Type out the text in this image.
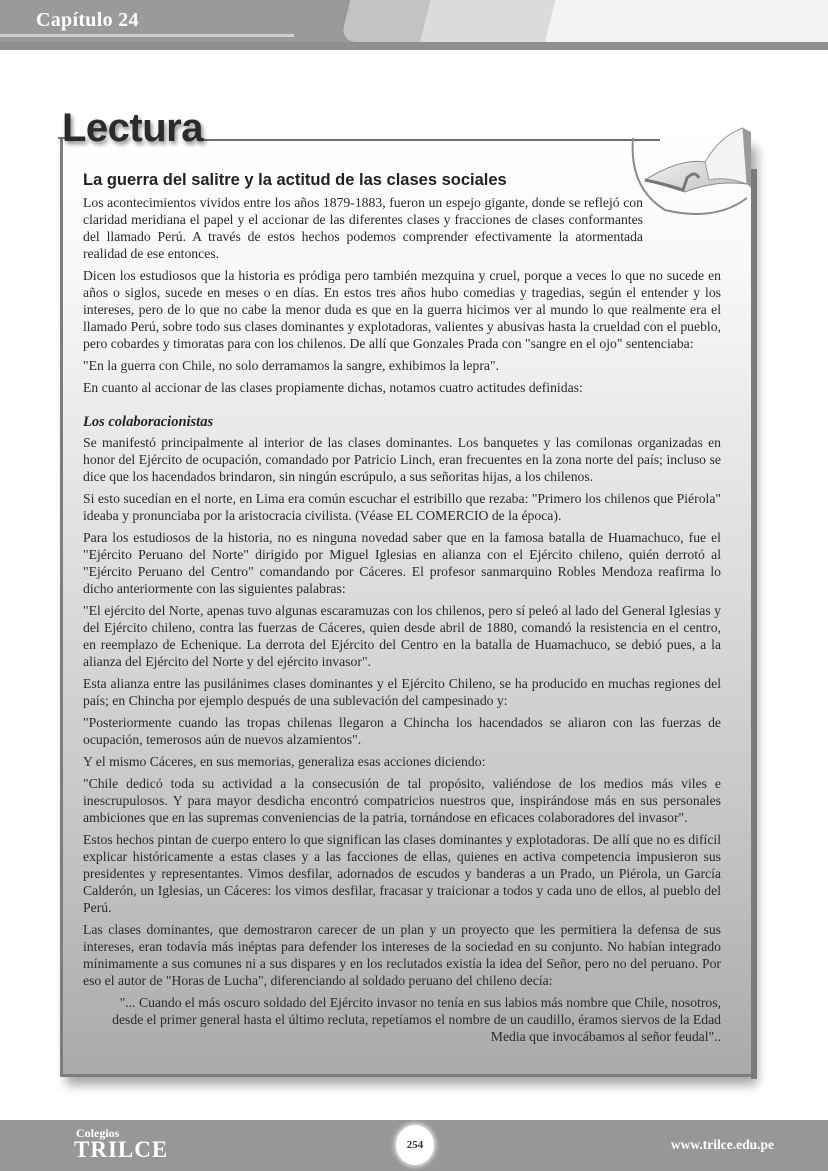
Capítulo 24
Lectura
La guerra del salitre y la actitud de las clases sociales

Los acontecimientos vividos entre los años 1879-1883, fueron un espejo gigante, donde se reflejó con claridad meridiana el papel y el accionar de las diferentes clases y fracciones de clases conformantes del llamado Perú. A través de estos hechos podemos comprender efectivamente la atormentada realidad de ese entonces.

Dicen los estudiosos que la historia es pródiga pero también mezquina y cruel, porque a veces lo que no sucede en años o siglos, sucede en meses o en días. En estos tres años hubo comedias y tragedias, según el entender y los intereses, pero de lo que no cabe la menor duda es que en la guerra hicimos ver al mundo lo que realmente era el llamado Perú, sobre todo sus clases dominantes y explotadoras, valientes y abusivas hasta la crueldad con el pueblo, pero cobardes y timoratas para con los chilenos. De allí que Gonzales Prada con "sangre en el ojo" sentenciaba:

"En la guerra con Chile, no solo derramamos la sangre, exhibimos la lepra".

En cuanto al accionar de las clases propiamente dichas, notamos cuatro actitudes definidas:

Los colaboracionistas

Se manifestó principalmente al interior de las clases dominantes. Los banquetes y las comilonas organizadas en honor del Ejército de ocupación, comandado por Patricio Linch, eran frecuentes en la zona norte del país; incluso se dice que los hacendados brindaron, sin ningún escrúpulo, a sus señoritas hijas, a los chilenos.

Si esto sucedían en el norte, en Lima era común escuchar el estribillo que rezaba: "Primero los chilenos que Piérola" ideaba y pronunciaba por la aristocracia civilista. (Véase EL COMERCIO de la época).

Para los estudiosos de la historia, no es ninguna novedad saber que en la famosa batalla de Huamachuco, fue el "Ejército Peruano del Norte" dirigido por Miguel Iglesias en alianza con el Ejército chileno, quién derrotó al "Ejército Peruano del Centro" comandando por Cáceres. El profesor sanmarquino Robles Mendoza reafirma lo dicho anteriormente con las siguientes palabras:

"El ejército del Norte, apenas tuvo algunas escaramuzas con los chilenos, pero sí peleó al lado del General Iglesias y del Ejército chileno, contra las fuerzas de Cáceres, quien desde abril de 1880, comandó la resistencia en el centro, en reemplazo de Echenique. La derrota del Ejército del Centro en la batalla de Huamachuco, se debió pues, a la alianza del Ejército del Norte y del ejército invasor".

Esta alianza entre las pusilánimes clases dominantes y el Ejército Chileno, se ha producido en muchas regiones del país; en Chincha por ejemplo después de una sublevación del campesinado y:

"Posteriormente cuando las tropas chilenas llegaron a Chincha los hacendados se aliaron con las fuerzas de ocupación, temerosos aún de nuevos alzamientos".

Y el mismo Cáceres, en sus memorias, generaliza esas acciones diciendo:

"Chile dedicó toda su actividad a la consecusión de tal propósito, valiéndose de los medios más viles e inescrupulosos. Y para mayor desdicha encontró compatricios nuestros que, inspirándose más en sus personales ambiciones que en las supremas conveniencias de la patria, tornándose en eficaces colaboradores del invasor".

Estos hechos pintan de cuerpo entero lo que significan las clases dominantes y explotadoras. De allí que no es difícil explicar históricamente a estas clases y a las facciones de ellas, quienes en activa competencia impusieron sus presidentes y representantes. Vimos desfilar, adornados de escudos y banderas a un Prado, un Piérola, un García Calderón, un Iglesias, un Cáceres: los vimos desfilar, fracasar y traicionar a todos y cada uno de ellos, al pueblo del Perú.

Las clases dominantes, que demostraron carecer de un plan y un proyecto que les permitiera la defensa de sus intereses, eran todavía más inéptas para defender los intereses de la sociedad en su conjunto. No habían integrado mínimamente a sus comunes ni a sus dispares y en los reclutados existía la idea del Señor, pero no del peruano. Por eso el autor de "Horas de Lucha", diferenciando al soldado peruano del chileno decía:

"... Cuando el más oscuro soldado del Ejército invasor no tenía en sus labios más nombre que Chile, nosotros, desde el primer general hasta el último recluta, repetíamos el nombre de un caudillo, éramos siervos de la Edad Media que invocábamos al señor feudal"..

Colegios
TRILCE	254	www.trilce.edu.pe
